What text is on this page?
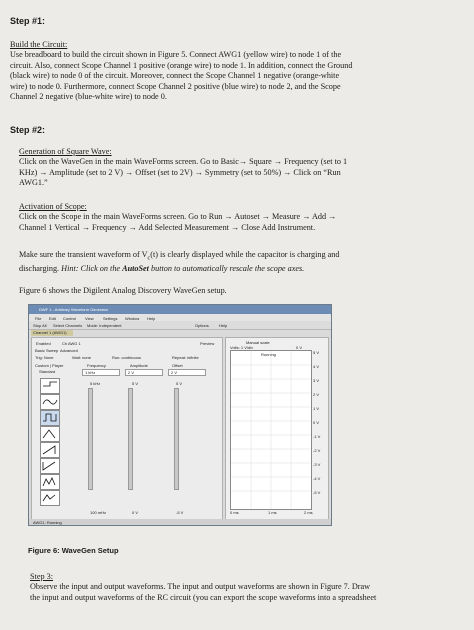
Step #1:
Build the Circuit:
Use breadboard to build the circuit shown in Figure 5. Connect AWG1 (yellow wire) to node 1 of the
circuit. Also, connect Scope Channel 1 positive (orange wire) to node 1. In addition, connect the Ground
(black wire) to node 0 of the circuit. Moreover, connect the Scope Channel 1 negative (orange-white
wire) to node 0. Furthermore, connect Scope Channel 2 positive (blue wire) to node 2, and the Scope
Channel 2 negative (blue-white wire) to node 0.
Step #2:
Generation of Square Wave:
Click on the WaveGen in the main WaveForms screen. Go to Basic→ Square → Frequency (set to 1
KHz) → Amplitude (set to 2 V) → Offset (set to 2V) → Symmetry (set to 50%) → Click on “Run
AWG1.”
Activation of Scope:
Click on the Scope in the main WaveForms screen. Go to Run → Autoset → Measure → Add →
Channel 1 Vertical → Frequency → Add Selected Measurement → Close Add Instrument.
Make sure the transient waveform of $V_c(t)$ is clearly displayed while the capacitor is charging and
discharging. Hint: Click on the AutoSet button to automatically rescale the scope axes.
Figure 6 shows the Digilent Analog Discovery WaveGen setup.
DWF 1 - Arbitrary Waveform Generator
File Edit Control View Settings Window Help
Stop All Select Channels Mode: Independent	Options	Help
Channel 1 (AWG1)
Enabled	Ch AWG 1	Preview
Basic Sweep Advanced
Trig: None	Wait: none	Run: continuous	Repeat: infinite
Custom | Player
Standard
Frequency	Amplitude	Offset
1 kHz	2 V	2 V
5 kHz	5 V	5 V
100 mHz	0 V	-5 V
Manual scale
Volts: 1 V/div	0 V
Running	5 V
4 V
3 V
2 V
1 V
0 V
-1 V
-2 V
-3 V
-4 V
-5 V
0 ms	1 ms	2 ms
AWG1: Running
Figure 6: WaveGen Setup
Step 3:
Observe the input and output waveforms. The input and output waveforms are shown in Figure 7. Draw
the input and output waveforms of the RC circuit (you can export the scope waveforms into a spreadsheet
